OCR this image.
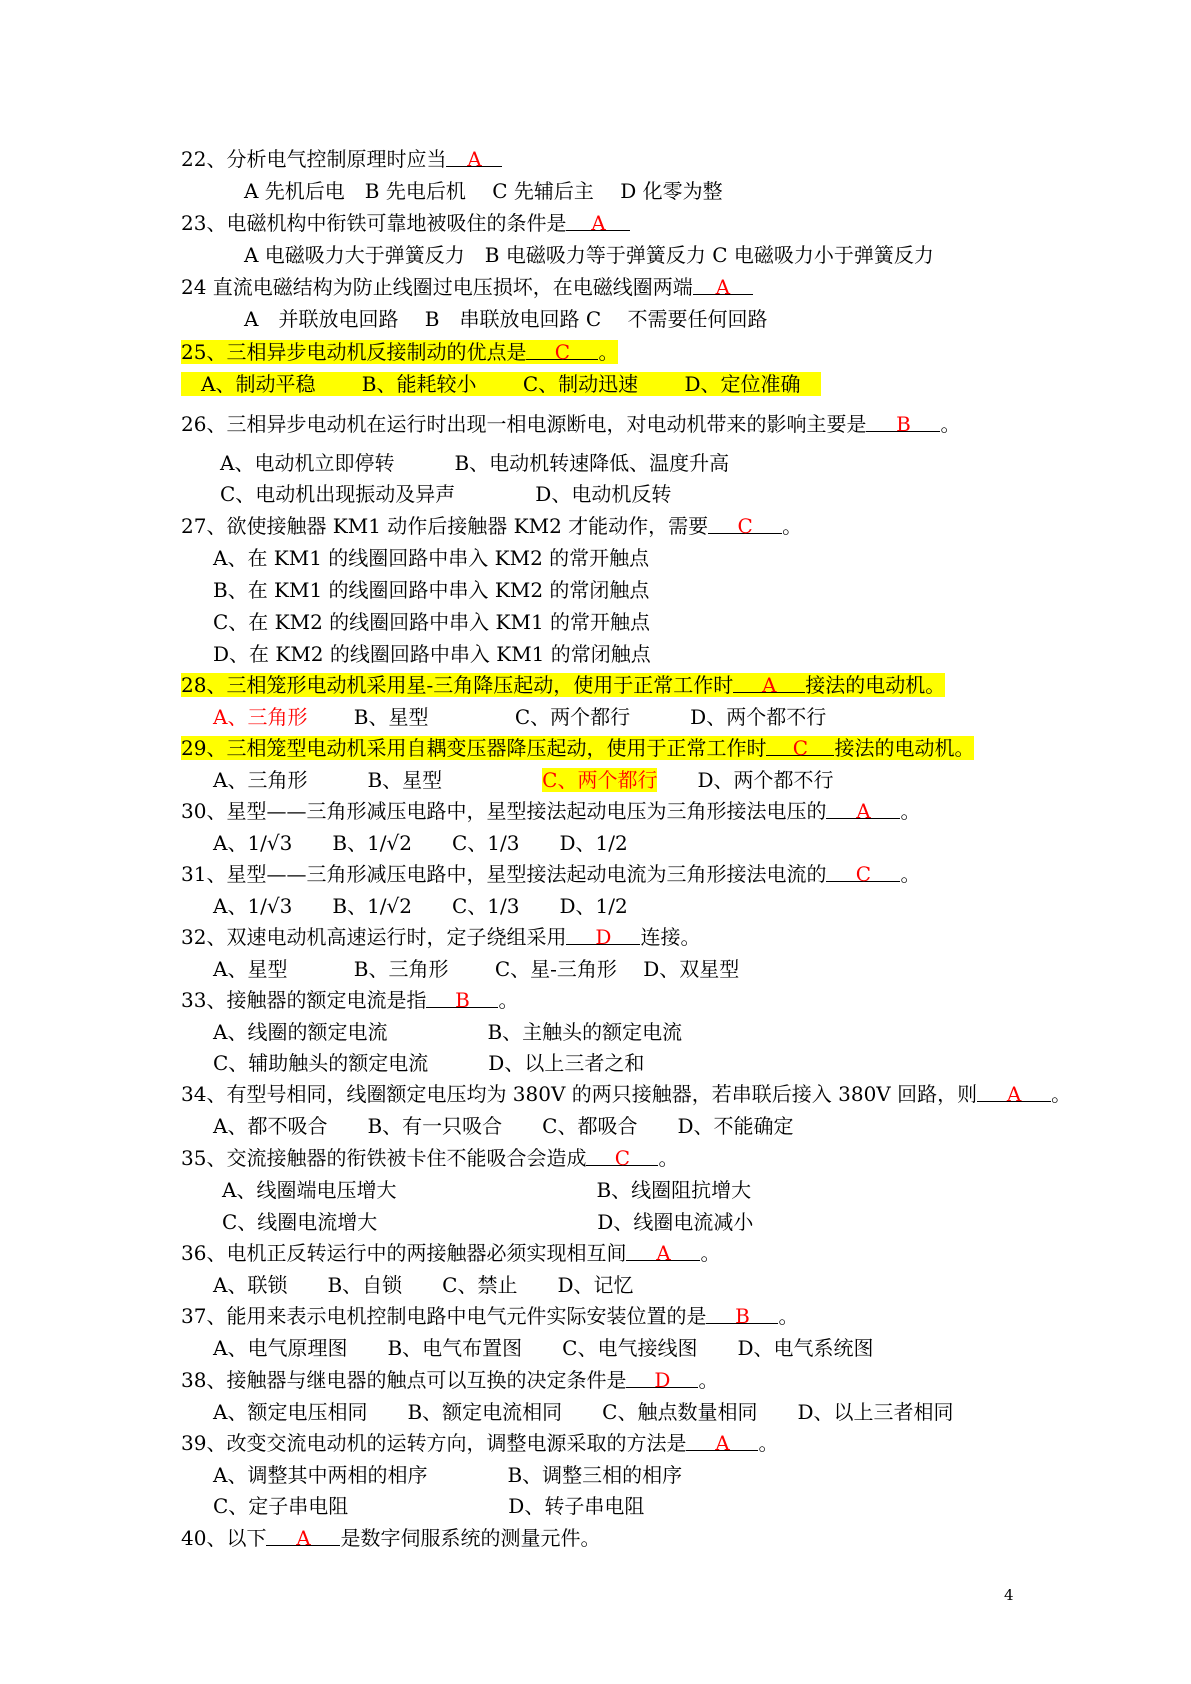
22、分析电气控制原理时应当 A
A 先机后电　B 先电后机　 C 先辅后主　 D 化零为整
23、电磁机构中衔铁可靠地被吸住的条件是 A
A 电磁吸力大于弹簧反力　B 电磁吸力等于弹簧反力 C 电磁吸力小于弹簧反力
24 直流电磁结构为防止线圈过电压损坏，在电磁线圈两端 A
A　并联放电回路　 B　串联放电回路 C　 不需要任何回路
25、三相异步电动机反接制动的优点是 C 。
　A、制动平稳　　 B、能耗较小　　 C、制动迅速　　 D、定位准确　
26、三相异步电动机在运行时出现一相电源断电，对电动机带来的影响主要是 B 。
A、电动机立即停转　　　B、电动机转速降低、温度升高
C、电动机出现振动及异声　　　　D、电动机反转
27、欲使接触器 KM1 动作后接触器 KM2 才能动作，需要 C 。
A、在 KM1 的线圈回路中串入 KM2 的常开触点
B、在 KM1 的线圈回路中串入 KM2 的常闭触点
C、在 KM2 的线圈回路中串入 KM1 的常开触点
D、在 KM2 的线圈回路中串入 KM1 的常闭触点
28、三相笼形电动机采用星-三角降压起动，使用于正常工作时 A 接法的电动机。
A、三角形　　 B、星型　　　　 C、两个都行　　　D、两个都不行
29、三相笼型电动机采用自耦变压器降压起动，使用于正常工作时 C 接法的电动机。
A、三角形　　　B、星型　　　　　C、两个都行　　D、两个都不行
30、星型——三角形减压电路中，星型接法起动电压为三角形接法电压的 A 。
A、1/√3　　B、1/√2　　C、1/3　　D、1/2
31、星型——三角形减压电路中，星型接法起动电流为三角形接法电流的 C 。
A、1/√3　　B、1/√2　　C、1/3　　D、1/2
32、双速电动机高速运行时，定子绕组采用 D 连接。
A、星型　　　 B、三角形　　 C、星-三角形　 D、双星型
33、接触器的额定电流是指 B 。
A、线圈的额定电流　　　　　B、主触头的额定电流
C、辅助触头的额定电流　　　D、以上三者之和
34、有型号相同，线圈额定电压均为 380V 的两只接触器，若串联后接入 380V 回路，则 A 。
A、都不吸合　　B、有一只吸合　　C、都吸合　　D、不能确定
35、交流接触器的衔铁被卡住不能吸合会造成 C 。
A、线圈端电压增大　　　　　　　　　　B、线圈阻抗增大
C、线圈电流增大　　　　　　　　　　　D、线圈电流减小
36、电机正反转运行中的两接触器必须实现相互间 A 。
A、联锁　　B、自锁　　C、禁止　　D、记忆
37、能用来表示电机控制电路中电气元件实际安装位置的是 B 。
A、电气原理图　　B、电气布置图　　C、电气接线图　　D、电气系统图
38、接触器与继电器的触点可以互换的决定条件是 D 。
A、额定电压相同　　B、额定电流相同　　C、触点数量相同　　D、以上三者相同
39、改变交流电动机的运转方向，调整电源采取的方法是 A 。
A、调整其中两相的相序　　　　B、调整三相的相序
C、定子串电阻　　　　　　　　D、转子串电阻
40、以下 A 是数字伺服系统的测量元件。
4
